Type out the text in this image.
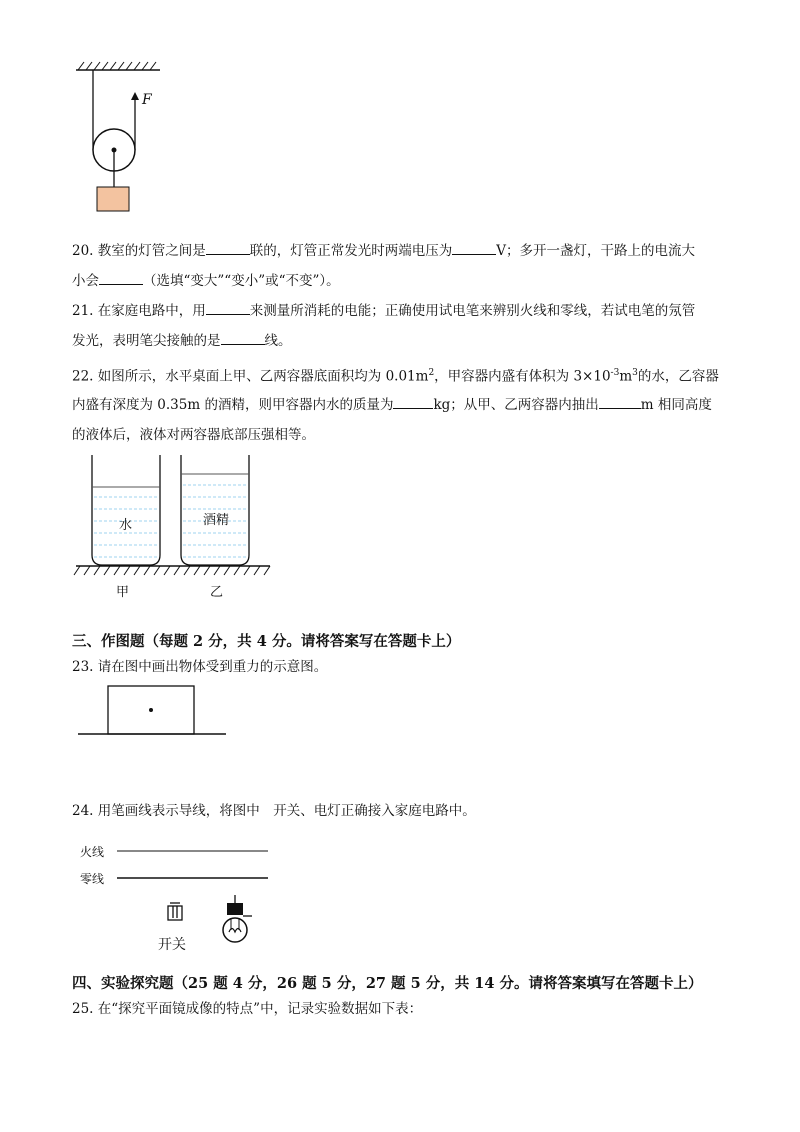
F
20. 教室的灯管之间是	联的，灯管正常发光时两端电压为	V；多开一盏灯，干路上的电流大
小会	（选填“变大”“变小”或“不变”）。
21. 在家庭电路中，用	来测量所消耗的电能；正确使用试电笔来辨别火线和零线，若试电笔的氖管
发光，表明笔尖接触的是	线。
22. 如图所示，水平桌面上甲、乙两容器底面积均为 $0.01m^2$，甲容器内盛有体积为 $3\times 10^{-3}m^3$的水，乙容器
内盛有深度为 0.35m 的酒精，则甲容器内水的质量为	kg；从甲、乙两容器内抽出	m 相同高度
的液体后，液体对两容器底部压强相等。
水	酒精
甲	乙
三、作图题（每题 2 分，共 4 分。请将答案写在答题卡上）
23. 请在图中画出物体受到重力的示意图。
24. 用笔画线表示导线，将图中　开关、电灯正确接入家庭电路中。
火线
零线
开关
四、实验探究题（25 题 4 分，26 题 5 分，27 题 5 分，共 14 分。请将答案填写在答题卡上）
25. 在“探究平面镜成像的特点”中，记录实验数据如下表：
